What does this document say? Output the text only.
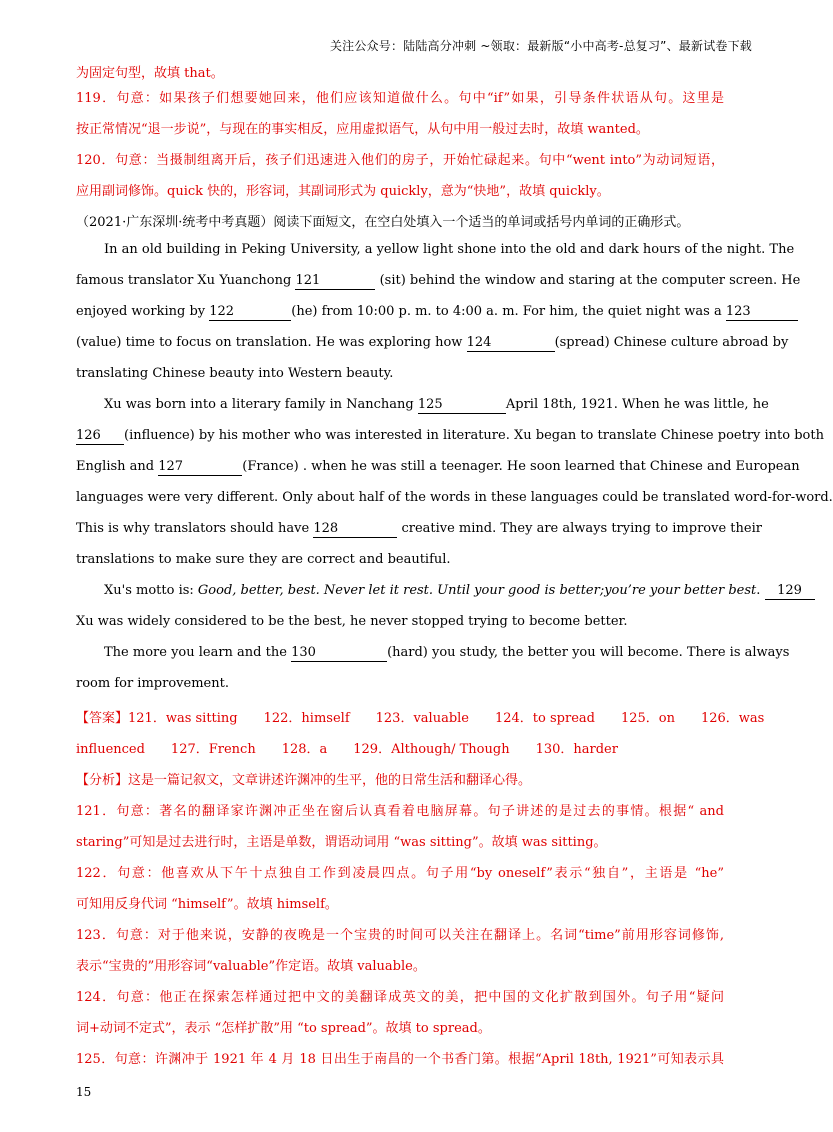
关注公众号：陆陆高分冲刺 ~领取：最新版“小中高考-总复习”、最新试卷下载
为固定句型，故填 that。
119．句意：如果孩子们想要她回来，他们应该知道做什么。句中“if”如果，引导条件状语从句。这里是
按正常情况“退一步说”，与现在的事实相反，应用虚拟语气，从句中用一般过去时，故填 wanted。
120．句意：当摄制组离开后，孩子们迅速进入他们的房子，开始忙碌起来。句中“went into”为动词短语，
应用副词修饰。quick 快的，形容词，其副词形式为 quickly，意为“快地”，故填 quickly。
（2021·广东深圳·统考中考真题）阅读下面短文，在空白处填入一个适当的单词或括号内单词的正确形式。
In an old building in Peking University, a yellow light shone into the old and dark hours of the night. The
famous translator Xu Yuanchong 121	(sit) behind the window and staring at the computer screen. He
enjoyed working by 122	(he) from 10:00 p. m. to 4:00 a. m. For him, the quiet night was a 123
(value) time to focus on translation. He was exploring how 124	(spread) Chinese culture abroad by
translating Chinese beauty into Western beauty.
Xu was born into a literary family in Nanchang 125	April 18th, 1921. When he was little, he
126 (influence) by his mother who was interested in literature. Xu began to translate Chinese poetry into both
English and 127	(France) . when he was still a teenager. He soon learned that Chinese and European
languages were very different. Only about half of the words in these languages could be translated word-for-word.
This is why translators should have 128	creative mind. They are always trying to improve their
translations to make sure they are correct and beautiful.
Xu's motto is: Good, better, best. Never let it rest. Until your good is better;you’re your better best. 129
Xu was widely considered to be the best, he never stopped trying to become better.
The more you learn and the 130	(hard) you study, the better you will become. There is always
room for improvement.
【答案】121．was sitting　　122．himself　　123．valuable　　124．to spread　　125．on　　126．was
influenced　　127．French　　128．a　　129．Although/ Though　　130．harder
【分析】这是一篇记叙文，文章讲述许渊冲的生平，他的日常生活和翻译心得。
121．句意：著名的翻译家许渊冲正坐在窗后认真看着电脑屏幕。句子讲述的是过去的事情。根据“ and
staring”可知是过去进行时，主语是单数，谓语动词用 “was sitting”。故填 was sitting。
122．句意：他喜欢从下午十点独自工作到凌晨四点。句子用“by oneself”表示“独自”，主语是 “he”
可知用反身代词 “himself”。故填 himself。
123．句意：对于他来说，安静的夜晚是一个宝贵的时间可以关注在翻译上。名词“time”前用形容词修饰,
表示“宝贵的”用形容词“valuable”作定语。故填 valuable。
124．句意：他正在探索怎样通过把中文的美翻译成英文的美，把中国的文化扩散到国外。句子用“疑问
词+动词不定式”，表示 “怎样扩散”用 “to spread”。故填 to spread。
125．句意：许渊冲于 1921 年 4 月 18 日出生于南昌的一个书香门第。根据“April 18th, 1921”可知表示具
15
